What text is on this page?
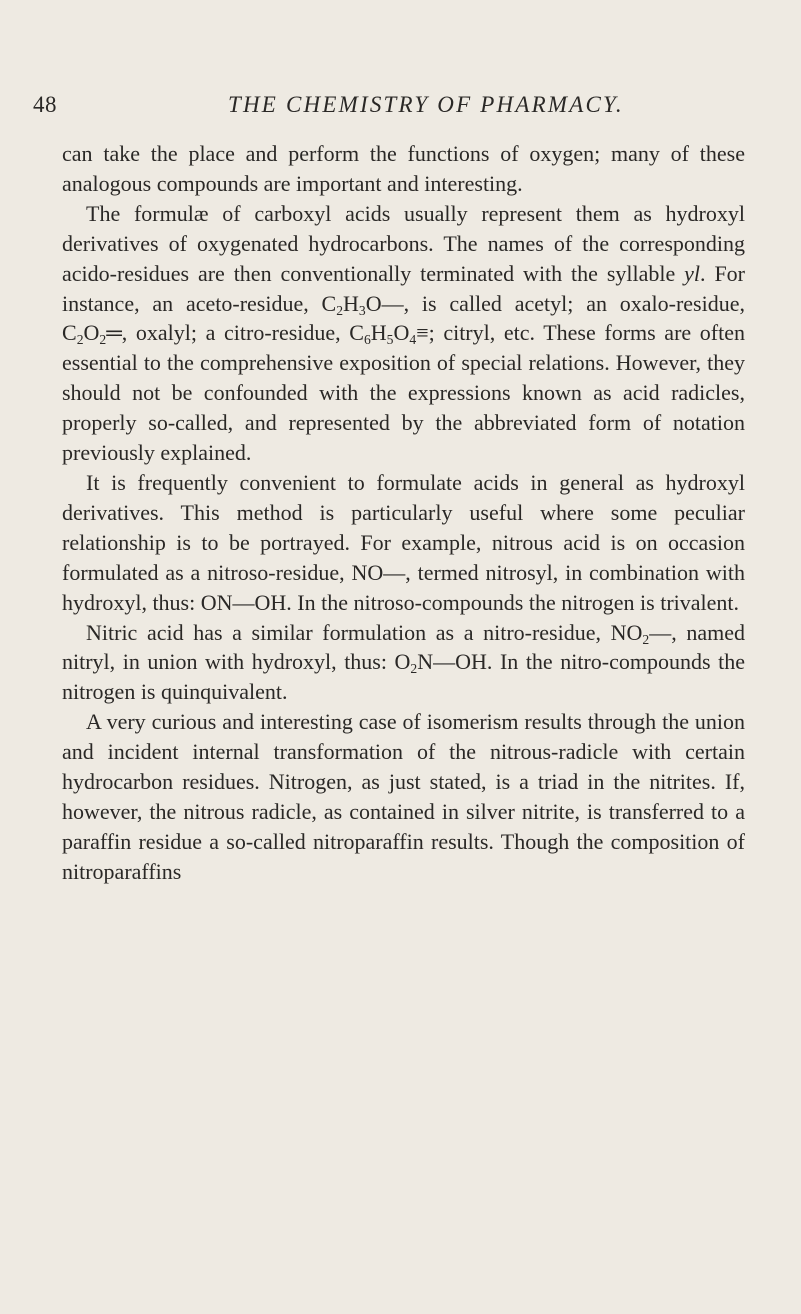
48	THE CHEMISTRY OF PHARMACY.

can take the place and perform the functions of oxygen; many of these analogous compounds are important and interesting.

The formulæ of carboxyl acids usually represent them as hydroxyl derivatives of oxygenated hydrocarbons. The names of the corresponding acido-residues are then conventionally terminated with the syllable yl. For instance, an aceto-residue, $C_2H_3O—$, is called acetyl; an oxalo-residue, $C_2O_2═$, oxalyl; a citro-residue, $C_6H_5O_4\equiv$; citryl, etc. These forms are often essential to the comprehensive exposition of special relations. However, they should not be confounded with the expressions known as acid radicles, properly so-called, and represented by the abbreviated form of notation previously explained.

It is frequently convenient to formulate acids in general as hydroxyl derivatives. This method is particularly useful where some peculiar relationship is to be portrayed. For example, nitrous acid is on occasion formulated as a nitroso-residue, NO—, termed nitrosyl, in combination with hydroxyl, thus: ON—OH. In the nitroso-compounds the nitrogen is trivalent.

Nitric acid has a similar formulation as a nitro-residue, $NO_2—$, named nitryl, in union with hydroxyl, thus: $O_2N—OH$. In the nitro-compounds the nitrogen is quinquivalent.

A very curious and interesting case of isomerism results through the union and incident internal transformation of the nitrous-radicle with certain hydrocarbon residues. Nitrogen, as just stated, is a triad in the nitrites. If, however, the nitrous radicle, as contained in silver nitrite, is transferred to a paraffin residue a so-called nitroparaffin results. Though the composition of nitroparaffins
